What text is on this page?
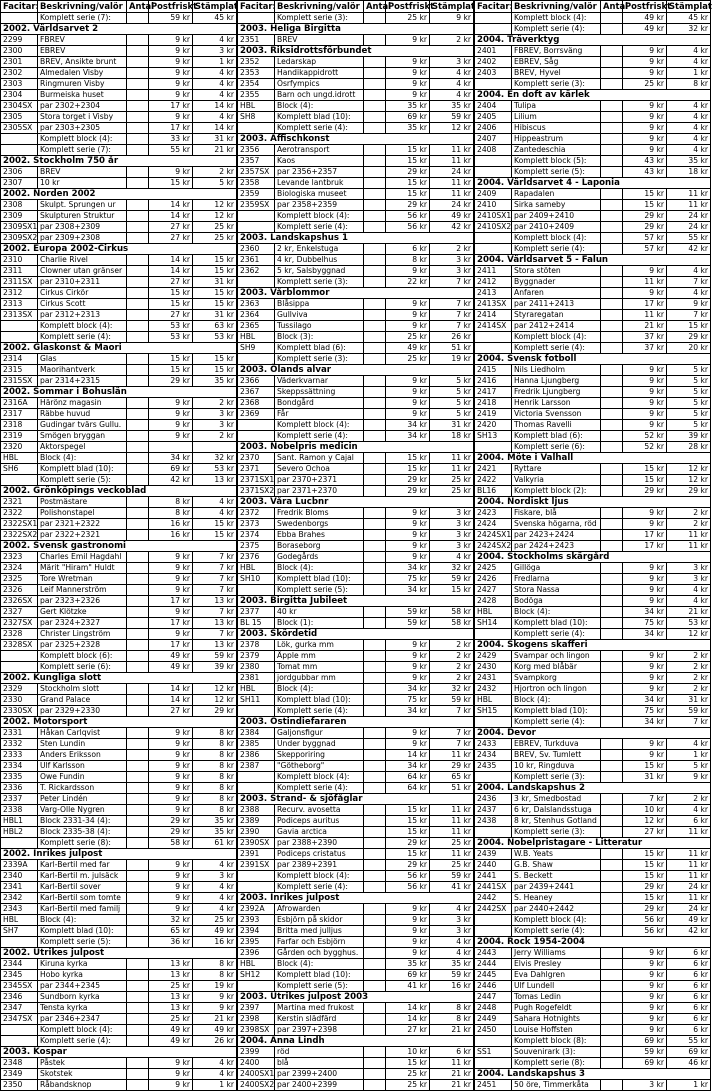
Facitar:	Beskrivning/valör	Antal	Postfriskt	Stämplat
	Komplett serie (7):		59 kr	45 kr
2002. Världsarvet 2				
2299	FBREV		9 kr	4 kr
2300	EBREV		9 kr	3 kr
2301	BREV, Ansikte brunt		9 kr	1 kr
2302	Almedalen Visby		9 kr	4 kr
2303	Ringmuren Visby		9 kr	4 kr
2304	Burmeiska huset		9 kr	4 kr
2304SX	par 2302+2304		17 kr	14 kr
2305	Stora torget i Visby		9 kr	4 kr
2305SX	par 2303+2305		17 kr	14 kr
	Komplett block (4):		33 kr	31 kr
	Komplett serie (7):		55 kr	21 kr
2002. Stockholm 750 år				
2306	BREV		9 kr	2 kr
2307	10 kr		15 kr	5 kr
2002. Norden 2002				
2308	Skulpt. Sprungen ur		14 kr	12 kr
2309	Skulpturen Struktur		14 kr	12 kr
2309SX1	par 2308+2309		27 kr	25 kr
2309SX2	par 2309+2308		27 kr	25 kr
2002. Europa 2002-Cirkus				
2310	Charlie Rivel		14 kr	15 kr
2311	Clowner utan gränser		14 kr	15 kr
2311SX	par 2310+2311		27 kr	31 kr
2312	Cirkus Cirkör		15 kr	15 kr
2313	Cirkus Scott		15 kr	15 kr
2313SX	par 2312+2313		27 kr	31 kr
	Komplett block (4):		53 kr	63 kr
	Komplett serie (4):		53 kr	53 kr
2002. Glaskonst & Maori				
2314	Glas		15 kr	15 kr
2315	Maorihantverk		15 kr	15 kr
2315SX	par 2314+2315		29 kr	35 kr
2002. Sommar i Bohuslän				
2316A	Härönz magasin		9 kr	2 kr
2317	Räbbe huvud		9 kr	3 kr
2318	Gudingar tvärs Gullu.		9 kr	3 kr
2319	Smögen bryggan		9 kr	2 kr
2320	Aktorspegel			
HBL	Block (4):		34 kr	32 kr
SH6	Komplett blad (10):		69 kr	53 kr
	Komplett serie (5):		42 kr	13 kr
2002. Grönköpings veckoblad				
2321	Postmästare		8 kr	4 kr
2322	Polishonstapel		8 kr	4 kr
2322SX1	par 2321+2322		16 kr	15 kr
2322SX2	par 2322+2321		16 kr	15 kr
2002. Svensk gastronomi				
2323	Charles Emil Hagdahl		9 kr	7 kr
2324	Märit "Hiram" Huldt		9 kr	7 kr
2325	Tore Wretman		9 kr	7 kr
2326	Leif Mannerström		9 kr	7 kr
2326SX	par 2323+2326		17 kr	13 kr
2327	Gert Klötzke		9 kr	7 kr
2327SX	par 2324+2327		17 kr	13 kr
2328	Christer Lingström		9 kr	7 kr
2328SX	par 2325+2328		17 kr	13 kr
	Komplett block (6):		49 kr	59 kr
	Komplett serie (6):		49 kr	39 kr
2002. Kungliga slott				
2329	Stockholm slott		14 kr	12 kr
2330	Grand Palace		14 kr	12 kr
2330SX	par 2329+2330		27 kr	29 kr
2002. Motorsport				
2331	Håkan Carlqvist		9 kr	8 kr
2332	Sten Lundin		9 kr	8 kr
2333	Anders Eriksson		9 kr	8 kr
2334	Ulf Karlsson		9 kr	8 kr
2335	Owe Fundin		9 kr	8 kr
2336	T. Rickardsson		9 kr	8 kr
2337	Peter Lindén		9 kr	8 kr
2338	Varg-Olle Nygren		9 kr	8 kr
HBL1	Block 2331-34 (4):		29 kr	35 kr
HBL2	Block 2335-38 (4):		29 kr	35 kr
	Komplett serie (8):		58 kr	61 kr
2002. Inrikes julpost				
2339A	Karl-Bertil med far		9 kr	4 kr
2340	Karl-Bertil m. julsäck		9 kr	3 kr
2341	Karl-Bertil sover		9 kr	4 kr
2342	Karl-Bertil som tomte		9 kr	4 kr
2343	Karl-Bertil med familj		9 kr	4 kr
HBL	Block (4):		32 kr	25 kr
SH7	Komplett blad (10):		65 kr	49 kr
	Komplett serie (5):		36 kr	16 kr
2002. Utrikes julpost				
2344	Kiruna kyrka		13 kr	8 kr
2345	Hobo kyrka		13 kr	8 kr
2345SX	par 2344+2345		25 kr	19 kr
2346	Sundborn kyrka		13 kr	9 kr
2347	Tensta kyrka		13 kr	9 kr
2347SX	par 2346+2347		25 kr	21 kr
	Komplett block (4):		49 kr	49 kr
	Komplett serie (4):		49 kr	26 kr
2003. Kospar				
2348	Påstek		9 kr	4 kr
2349	Skotstek		9 kr	4 kr
2350	Råbandsknop		9 kr	1 kr
Facitar:	Beskrivning/valör	Antal	Postfriskt	Stämplat
	Komplett serie (3):		25 kr	9 kr
2003. Heliga Birgitta				
2351	BREV		9 kr	2 kr
2003. Riksidrottsförbundet				
2352	Ledarskap		9 kr	3 kr
2353	Handikappidrott		9 kr	4 kr
2354	Ösrfympics		9 kr	4 kr
2355	Barn och ungd.idrott		9 kr	4 kr
HBL	Block (4):		35 kr	35 kr
SH8	Komplett blad (10):		69 kr	59 kr
	Komplett serie (4):		35 kr	12 kr
2003. Affischkonst				
2356	Aerotransport		15 kr	11 kr
2357	Kaos		15 kr	11 kr
2357SX	par 2356+2357		29 kr	24 kr
2358	Levande lantbruk		15 kr	11 kr
2359	Biologiska museet		15 kr	11 kr
2359SX	par 2358+2359		29 kr	24 kr
	Komplett block (4):		56 kr	49 kr
	Komplett serie (4):		56 kr	42 kr
2003. Landskapshus 1				
2360	2 kr, Enkelstuga		6 kr	2 kr
2361	4 kr, Dubbelhus		8 kr	3 kr
2362	5 kr, Salsbyggnad		9 kr	3 kr
	Komplett serie (3):		22 kr	7 kr
2003. Vårblommor				
2363	Blåsippa		9 kr	7 kr
2364	Gullviva		9 kr	7 kr
2365	Tussilago		9 kr	7 kr
HBL	Block (3):		25 kr	26 kr
SH9	Komplett blad (6):		49 kr	51 kr
	Komplett serie (3):		25 kr	19 kr
2003. Ölands alvar				
2366	Väderkvarnar		9 kr	5 kr
2367	Skeppssättning		9 kr	5 kr
2368	Bondgård		9 kr	5 kr
2369	Får		9 kr	5 kr
	Komplett block (4):		34 kr	31 kr
	Komplett serie (4):		34 kr	18 kr
2003. Nobelpris medicin				
2370	Sant. Ramon y Cajal		15 kr	11 kr
2371	Severo Ochoa		15 kr	11 kr
2371SX1	par 2370+2371		29 kr	25 kr
2371SX2	par 2371+2370		29 kr	25 kr
2003. Våra Lucbnr				
2372	Fredrik Bloms		9 kr	3 kr
2373	Swedenborgs		9 kr	3 kr
2374	Ebba Brahes		9 kr	3 kr
2375	Boraseborg		9 kr	3 kr
2376	Godegårds		9 kr	4 kr
HBL	Block (4):		34 kr	32 kr
SH10	Komplett blad (10):		75 kr	59 kr
	Komplett serie (5):		34 kr	15 kr
2003. Birgitta Jubileet				
2377	40 kr		59 kr	58 kr
BL 15	Block (1):		59 kr	58 kr
2003. Skördetid				
2378	Lök, gurka mm		9 kr	2 kr
2379	Äpple mm		9 kr	2 kr
2380	Tomat mm		9 kr	2 kr
2381	jordgubbar mm		9 kr	2 kr
HBL	Block (4):		34 kr	32 kr
SH11	Komplett blad (10):		75 kr	59 kr
	Komplett serie (4):		34 kr	7 kr
2003. Ostindiefararen				
2384	Galjonsfigur		9 kr	7 kr
2385	Under byggnad		9 kr	7 kr
2386	Skepporiring		14 kr	11 kr
2387	"Götheborg"		34 kr	29 kr
	Komplett block (4):		64 kr	65 kr
	Komplett serie (4):		64 kr	51 kr
2003. Strand- & sjöfåglar				
2388	Recurv. avosetta		15 kr	11 kr
2389	Podiceps auritus		15 kr	11 kr
2390	Gavia arctica		15 kr	11 kr
2390SX	par 2388+2390		29 kr	25 kr
2391	Podiceps cristatus		15 kr	11 kr
2391SX	par 2389+2391		29 kr	25 kr
	Komplett block (4):		56 kr	59 kr
	Komplett serie (4):		56 kr	41 kr
2003. Inrikes julpost				
2392A	Afrowarden		9 kr	4 kr
2393	Esbjörn på skidor		9 kr	3 kr
2394	Britta med julljus		9 kr	3 kr
2395	Farfar och Esbjörn		9 kr	4 kr
2396	Gården och bygghus.		9 kr	4 kr
HBL	Block (4):		35 kr	35 kr
SH12	Komplett blad (10):		69 kr	59 kr
	Komplett serie (5):		41 kr	16 kr
2003. Utrikes julpost 2003				
2397	Martina med frukost		14 kr	8 kr
2398	Kerstin slädfärd		14 kr	8 kr
2398SX	par 2397+2398		27 kr	21 kr
2004. Anna Lindh				
2399	röd		10 kr	6 kr
2400	blå		15 kr	11 kr
2400SX1	par 2399+2400		25 kr	21 kr
2400SX2	par 2400+2399		25 kr	21 kr
Facitar:	Beskrivning/valör	Antal	Postfriskt	Stämplat
	Komplett block (4):		49 kr	45 kr
	Komplett serie (4):		49 kr	32 kr
2004. Träverktyg				
2401	FBREV, Borrsväng		9 kr	4 kr
2402	EBREV, Såg		9 kr	4 kr
2403	BREV, Hyvel		9 kr	1 kr
	Komplett serie (3):		25 kr	8 kr
2004. En doft av kärlek				
2404	Tulipa		9 kr	4 kr
2405	Lilium		9 kr	4 kr
2406	Hibiscus		9 kr	4 kr
2407	Hippeastrum		9 kr	4 kr
2408	Zantedeschia		9 kr	4 kr
	Komplett block (5):		43 kr	35 kr
	Komplett serie (5):		43 kr	18 kr
2004. Världsarvet 4 - Laponia				
2409	Rapadalen		15 kr	11 kr
2410	Sirka sameby		15 kr	11 kr
2410SX1	par 2409+2410		29 kr	24 kr
2410SX2	par 2410+2409		29 kr	24 kr
	Komplett block (4):		57 kr	55 kr
	Komplett serie (4):		57 kr	42 kr
2004. Världsarvet 5 - Falun				
2411	Stora stöten		9 kr	4 kr
2412	Byggnader		11 kr	7 kr
2413	Anfaren		9 kr	4 kr
2413SX	par 2411+2413		17 kr	9 kr
2414	Styraregatan		11 kr	7 kr
2414SX	par 2412+2414		21 kr	15 kr
	Komplett block (4):		37 kr	29 kr
	Komplett serie (4):		37 kr	20 kr
2004. Svensk fotboll				
2415	Nils Liedholm		9 kr	5 kr
2416	Hanna Ljungberg		9 kr	5 kr
2417	Fredrik Ljungberg		9 kr	5 kr
2418	Henrik Larsson		9 kr	5 kr
2419	Victoria Svensson		9 kr	5 kr
2420	Thomas Ravelli		9 kr	5 kr
SH13	Komplett blad (6):		52 kr	39 kr
	Komplett serie (6):		52 kr	28 kr
2004. Möte i Valhall				
2421	Ryttare		15 kr	12 kr
2422	Valkyria		15 kr	12 kr
BL16	Komplett block (2):		29 kr	29 kr
2004. Nordiskt ljus				
2423	Fiskare, blå		9 kr	2 kr
2424	Svenska högarna, röd		9 kr	2 kr
2424SX1	par 2423+2424		17 kr	11 kr
2424SX2	par 2424+2423		17 kr	11 kr
2004. Stockholms skärgård				
2425	Gillöga		9 kr	3 kr
2426	Fredlarna		9 kr	3 kr
2427	Stora Nassa		9 kr	4 kr
2428	Bodöga		9 kr	4 kr
HBL	Block (4):		34 kr	21 kr
SH14	Komplett blad (10):		75 kr	53 kr
	Komplett serie (4):		34 kr	12 kr
2004. Skogens skafferi				
2429	Svampar och lingon		9 kr	2 kr
2430	Korg med blåbär		9 kr	2 kr
2431	Svampkorg		9 kr	2 kr
2432	Hjortron och lingon		9 kr	2 kr
HBL	Block (4):		34 kr	31 kr
SH15	Komplett blad (10):		75 kr	59 kr
	Komplett serie (4):		34 kr	7 kr
2004. Devor				
2433	EBREV, Turkduva		9 kr	4 kr
2434	BREV, Sv. Tumlett		9 kr	1 kr
2435	10 kr, Ringduva		15 kr	5 kr
	Komplett serie (3):		31 kr	9 kr
2004. Landskapshus 2				
2436	3 kr, Smedbostad		7 kr	2 kr
2437	6 kr, Dalslandsstuga		10 kr	4 kr
2438	8 kr, Stenhus Gotland		12 kr	6 kr
	Komplett serie (3):		27 kr	11 kr
2004. Nobelpristagare - Litteratur				
2439	W.B. Yeats		15 kr	11 kr
2440	G.B. Shaw		15 kr	11 kr
2441	S. Beckett		15 kr	11 kr
2441SX	par 2439+2441		29 kr	24 kr
2442	S. Heaney		15 kr	11 kr
2442SX	par 2440+2442		29 kr	24 kr
	Komplett block (4):		56 kr	49 kr
	Komplett serie (4):		56 kr	42 kr
2004. Rock 1954-2004				
2443	Jerry Williams		9 kr	6 kr
2444	Elvis Presley		9 kr	6 kr
2445	Eva Dahlgren		9 kr	6 kr
2446	Ulf Lundell		9 kr	6 kr
2447	Tomas Ledin		9 kr	6 kr
2448	Pugh Rogefeldt		9 kr	6 kr
2449	Sahara Hotnights		9 kr	6 kr
2450	Louise Hoffsten		9 kr	6 kr
	Komplett block (8):		69 kr	55 kr
SS1	Souvenirark (3):		59 kr	69 kr
	Komplett serie (8):		69 kr	46 kr
2004. Landskapshus 3				
2451	50 öre, Timmerkåta		3 kr	1 kr
